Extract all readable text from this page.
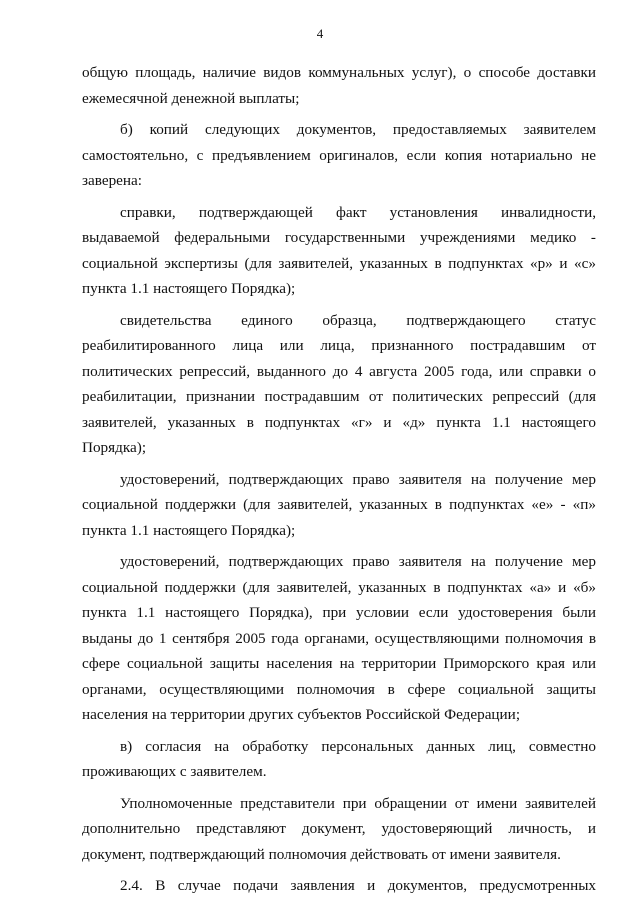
4

общую площадь, наличие видов коммунальных услуг), о способе доставки ежемесячной денежной выплаты;

б) копий следующих документов, предоставляемых заявителем самостоятельно, с предъявлением оригиналов, если копия нотариально не заверена:

справки, подтверждающей факт установления инвалидности, выдаваемой федеральными государственными учреждениями медико - социальной экспертизы (для заявителей, указанных в подпунктах «р» и «с» пункта 1.1 настоящего Порядка);

свидетельства единого образца, подтверждающего статус реабилитированного лица или лица, признанного пострадавшим от политических репрессий, выданного до 4 августа 2005 года, или справки о реабилитации, признании пострадавшим от политических репрессий (для заявителей, указанных в подпунктах «г» и «д» пункта 1.1 настоящего Порядка);

удостоверений, подтверждающих право заявителя на получение мер социальной поддержки (для заявителей, указанных в подпунктах «е» - «п» пункта 1.1 настоящего Порядка);

удостоверений, подтверждающих право заявителя на получение мер социальной поддержки (для заявителей, указанных в подпунктах «а» и «б» пункта 1.1 настоящего Порядка), при условии если удостоверения были выданы до 1 сентября 2005 года органами, осуществляющими полномочия в сфере социальной защиты населения на территории Приморского края или органами, осуществляющими полномочия в сфере социальной защиты населения на территории других субъектов Российской Федерации;

в) согласия на обработку персональных данных лиц, совместно проживающих с заявителем.

Уполномоченные представители при обращении от имени заявителей дополнительно представляют документ, удостоверяющий личность, и документ, подтверждающий полномочия действовать от имени заявителя.

2.4. В случае подачи заявления и документов, предусмотренных
